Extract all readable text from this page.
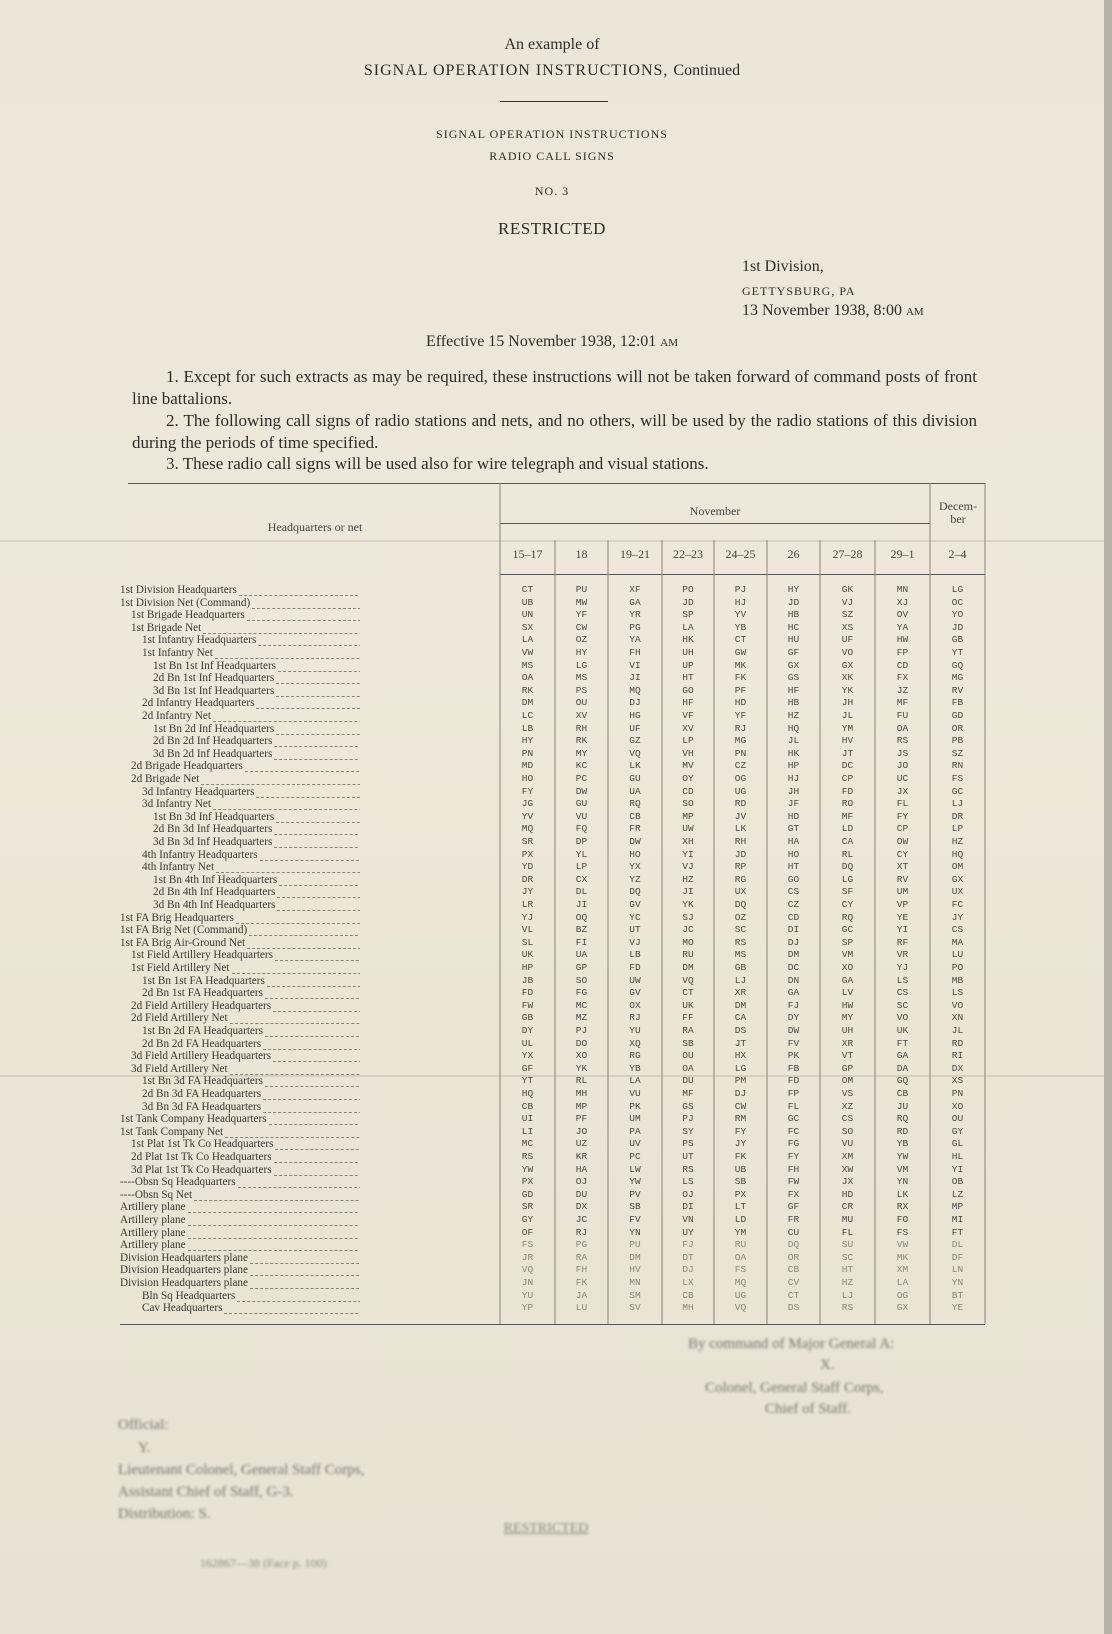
An example of
SIGNAL OPERATION INSTRUCTIONS, Continued
SIGNAL OPERATION INSTRUCTIONS
RADIO CALL SIGNS
NO. 3
RESTRICTED
1st Division,
GETTYSBURG, PA
13 November 1938, 8:00 AM
Effective 15 November 1938, 12:01 AM
1. Except for such extracts as may be required, these instructions will not be taken forward of command posts of front line battalions.
2. The following call signs of radio stations and nets, and no others, will be used by the radio stations of this division during the periods of time specified.
3. These radio call signs will be used also for wire telegraph and visual stations.
Headquarters or net
November	Decem-
ber
15–17	18	19–21	22–23	24–25	26	27–28	29–1	2–4
1st Division Headquarters	CT	PU	XF	PO	PJ	HY	GK	MN	LG
1st Division Net (Command)	UB	MW	GA	JD	HJ	JD	VJ	XJ	OC
1st Brigade Headquarters	UN	YF	YR	SP	YV	HB	SZ	OV	YO
1st Brigade Net	SX	CW	PG	LA	YB	HC	XS	YA	JD
1st Infantry Headquarters	LA	OZ	YA	HK	CT	HU	UF	HW	GB
1st Infantry Net	VW	HY	FH	UH	GW	GF	VO	FP	YT
1st Bn 1st Inf Headquarters	MS	LG	VI	UP	MK	GX	GX	CD	GQ
2d Bn 1st Inf Headquarters	OA	MS	JI	HT	FK	GS	XK	FX	MG
3d Bn 1st Inf Headquarters	RK	PS	MQ	GO	PF	HF	YK	JZ	RV
2d Infantry Headquarters	DM	OU	DJ	HF	HD	HB	JH	MF	FB
2d Infantry Net	LC	XV	HG	VF	YF	HZ	JL	FU	GD
1st Bn 2d Inf Headquarters	LB	RH	UF	XV	RJ	HQ	YM	OA	OR
2d Bn 2d Inf Headquarters	HY	RK	GZ	LP	MG	JL	HV	RS	PB
3d Bn 2d Inf Headquarters	PN	MY	VQ	VH	PN	HK	JT	JS	SZ
2d Brigade Headquarters	MD	KC	LK	MV	CZ	HP	DC	JO	RN
2d Brigade Net	HO	PC	GU	OY	OG	HJ	CP	UC	FS
3d Infantry Headquarters	FY	DW	UA	CD	UG	JH	FD	JX	GC
3d Infantry Net	JG	GU	RQ	SO	RD	JF	RO	FL	LJ
1st Bn 3d Inf Headquarters	YV	VU	CB	MP	JV	HD	MF	FY	DR
2d Bn 3d Inf Headquarters	MQ	FQ	FR	UW	LK	GT	LD	CP	LP
3d Bn 3d Inf Headquarters	SR	DP	DW	XH	RH	HA	CA	OW	HZ
4th Infantry Headquarters	PX	YL	HO	YI	JD	HO	RL	CY	HQ
4th Infantry Net	YD	LP	YX	VJ	RP	HT	DQ	XT	OM
1st Bn 4th Inf Headquarters	DR	CX	YZ	HZ	RG	GO	LG	RV	GX
2d Bn 4th Inf Headquarters	JY	DL	DQ	JI	UX	CS	SF	UM	UX
3d Bn 4th Inf Headquarters	LR	JI	GV	YK	DQ	CZ	CY	VP	FC
1st FA Brig Headquarters	YJ	OQ	YC	SJ	OZ	CD	RQ	YE	JY
1st FA Brig Net (Command)	VL	BZ	UT	JC	SC	DI	GC	YI	CS
1st FA Brig Air-Ground Net	SL	FI	VJ	MO	RS	DJ	SP	RF	MA
1st Field Artillery Headquarters	UK	UA	LB	RU	MS	DM	VM	VR	LU
1st Field Artillery Net	HP	GP	FD	DM	GB	DC	XO	YJ	PO
1st Bn 1st FA Headquarters	JB	SO	UW	VQ	LJ	DN	GA	LS	MB
2d Bn 1st FA Headquarters	FD	FG	GV	CT	XR	GA	LV	CS	LS
2d Field Artillery Headquarters	FW	MC	OX	UK	DM	FJ	HW	SC	VO
2d Field Artillery Net	GB	MZ	RJ	FF	CA	DY	MY	VO	XN
1st Bn 2d FA Headquarters	DY	PJ	YU	RA	DS	DW	UH	UK	JL
2d Bn 2d FA Headquarters	UL	DO	XQ	SB	JT	FV	XR	FT	RD
3d Field Artillery Headquarters	YX	XO	RG	OU	HX	PK	VT	GA	RI
3d Field Artillery Net	GF	YK	YB	OA	LG	FB	GP	DA	DX
1st Bn 3d FA Headquarters	YT	RL	LA	DU	PM	FD	OM	GQ	XS
2d Bn 3d FA Headquarters	HQ	MH	VU	MF	DJ	FP	VS	CB	PN
3d Bn 3d FA Headquarters	CB	MP	PK	GS	CW	FL	XZ	JU	XO
1st Tank Company Headquarters	UI	PF	UM	PJ	RM	GC	CS	RQ	OU
1st Tank Company Net	LI	JO	PA	SY	FY	FC	SO	RD	GY
1st Plat 1st Tk Co Headquarters	MC	UZ	UV	PS	JY	FG	VU	YB	GL
2d Plat 1st Tk Co Headquarters	RS	KR	PC	UT	FK	FY	XM	YW	HL
3d Plat 1st Tk Co Headquarters	YW	HA	LW	RS	UB	FH	XW	VM	YI
----Obsn Sq Headquarters	PX	OJ	YW	LS	SB	FW	JX	YN	OB
----Obsn Sq Net	GD	DU	PV	OJ	PX	FX	HD	LK	LZ
Artillery plane	SR	DX	SB	DI	LT	GF	CR	RX	MP
Artillery plane	GY	JC	FV	VN	LD	FR	MU	FO	MI
Artillery plane	OF	RJ	YN	UY	YM	CU	FL	FS	FT
Artillery plane	FS	PG	PU	FJ	RU	DQ	SU	VW	DL
Division Headquarters plane	JR	RA	DM	DT	OA	OR	SC	MK	DF
Division Headquarters plane	VQ	FH	HV	DJ	FS	CB	HT	XM	LN
Division Headquarters plane	JN	FK	MN	LX	MQ	CV	HZ	LA	YN
Bln Sq Headquarters	YU	JA	SM	CB	UG	CT	LJ	OG	BT
Cav Headquarters	YP	LU	SV	MH	VQ	DS	RS	GX	YE
By command of Major General A:
X.
Colonel, General Staff Corps,
Chief of Staff.
Official:
Y.
Lieutenant Colonel, General Staff Corps,
Assistant Chief of Staff, G-3.
Distribution: S.
RESTRICTED
162867—38 (Face p. 100)
